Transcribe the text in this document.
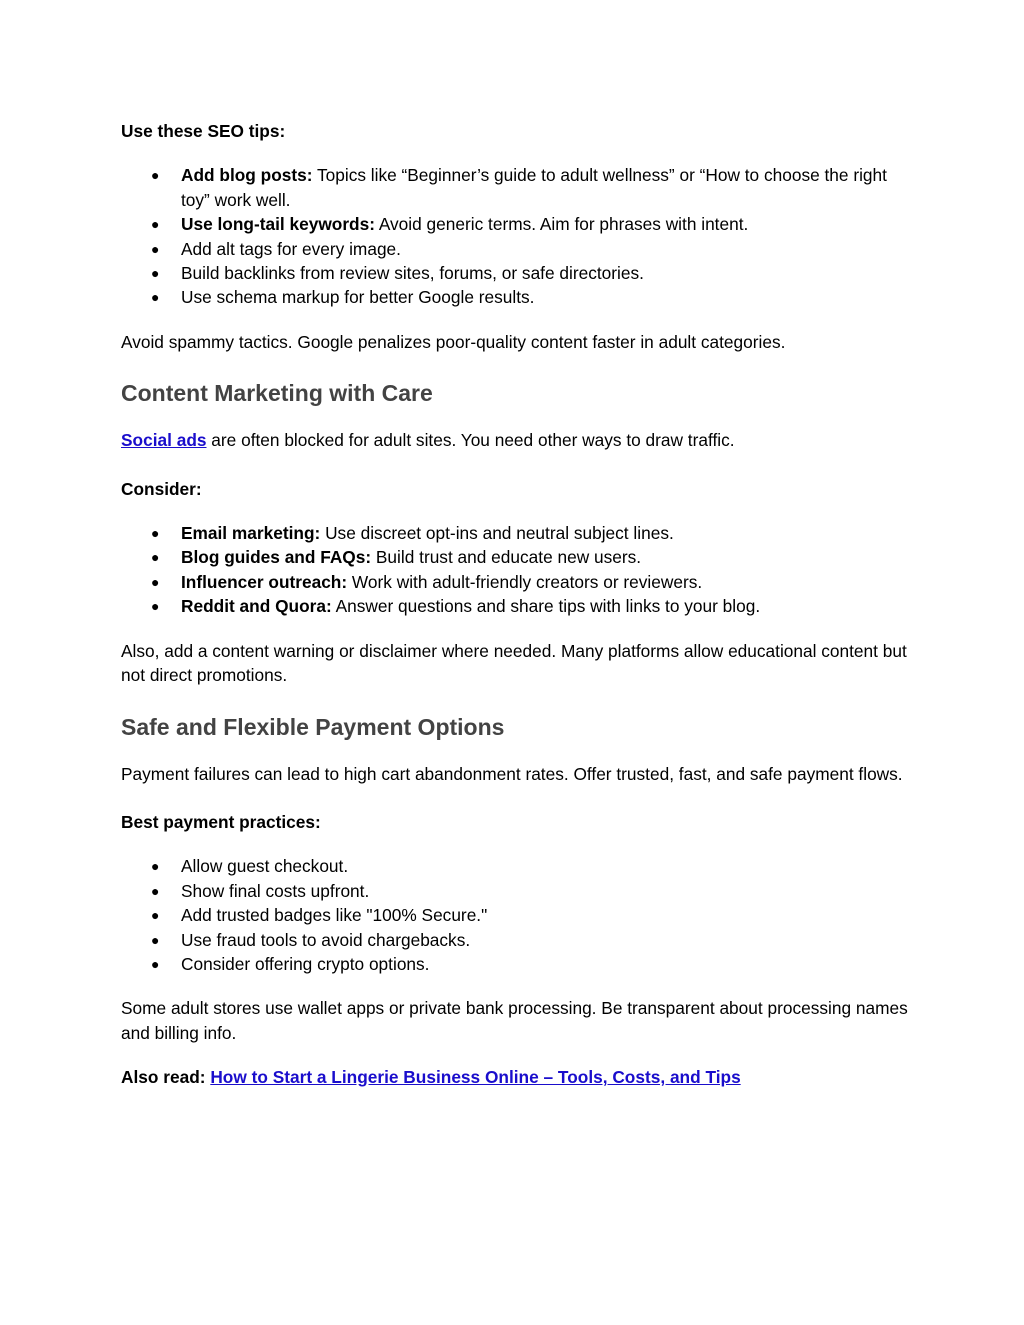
Use these SEO tips:

● Add blog posts: Topics like “Beginner’s guide to adult wellness” or “How to choose the right toy” work well.
● Use long-tail keywords: Avoid generic terms. Aim for phrases with intent.
● Add alt tags for every image.
● Build backlinks from review sites, forums, or safe directories.
● Use schema markup for better Google results.

Avoid spammy tactics. Google penalizes poor-quality content faster in adult categories.

Content Marketing with Care

Social ads are often blocked for adult sites. You need other ways to draw traffic.

Consider:

● Email marketing: Use discreet opt-ins and neutral subject lines.
● Blog guides and FAQs: Build trust and educate new users.
● Influencer outreach: Work with adult-friendly creators or reviewers.
● Reddit and Quora: Answer questions and share tips with links to your blog.

Also, add a content warning or disclaimer where needed. Many platforms allow educational content but not direct promotions.

Safe and Flexible Payment Options

Payment failures can lead to high cart abandonment rates. Offer trusted, fast, and safe payment flows.

Best payment practices:

● Allow guest checkout.
● Show final costs upfront.
● Add trusted badges like "100% Secure."
● Use fraud tools to avoid chargebacks.
● Consider offering crypto options.

Some adult stores use wallet apps or private bank processing. Be transparent about processing names and billing info.

Also read: How to Start a Lingerie Business Online – Tools, Costs, and Tips
